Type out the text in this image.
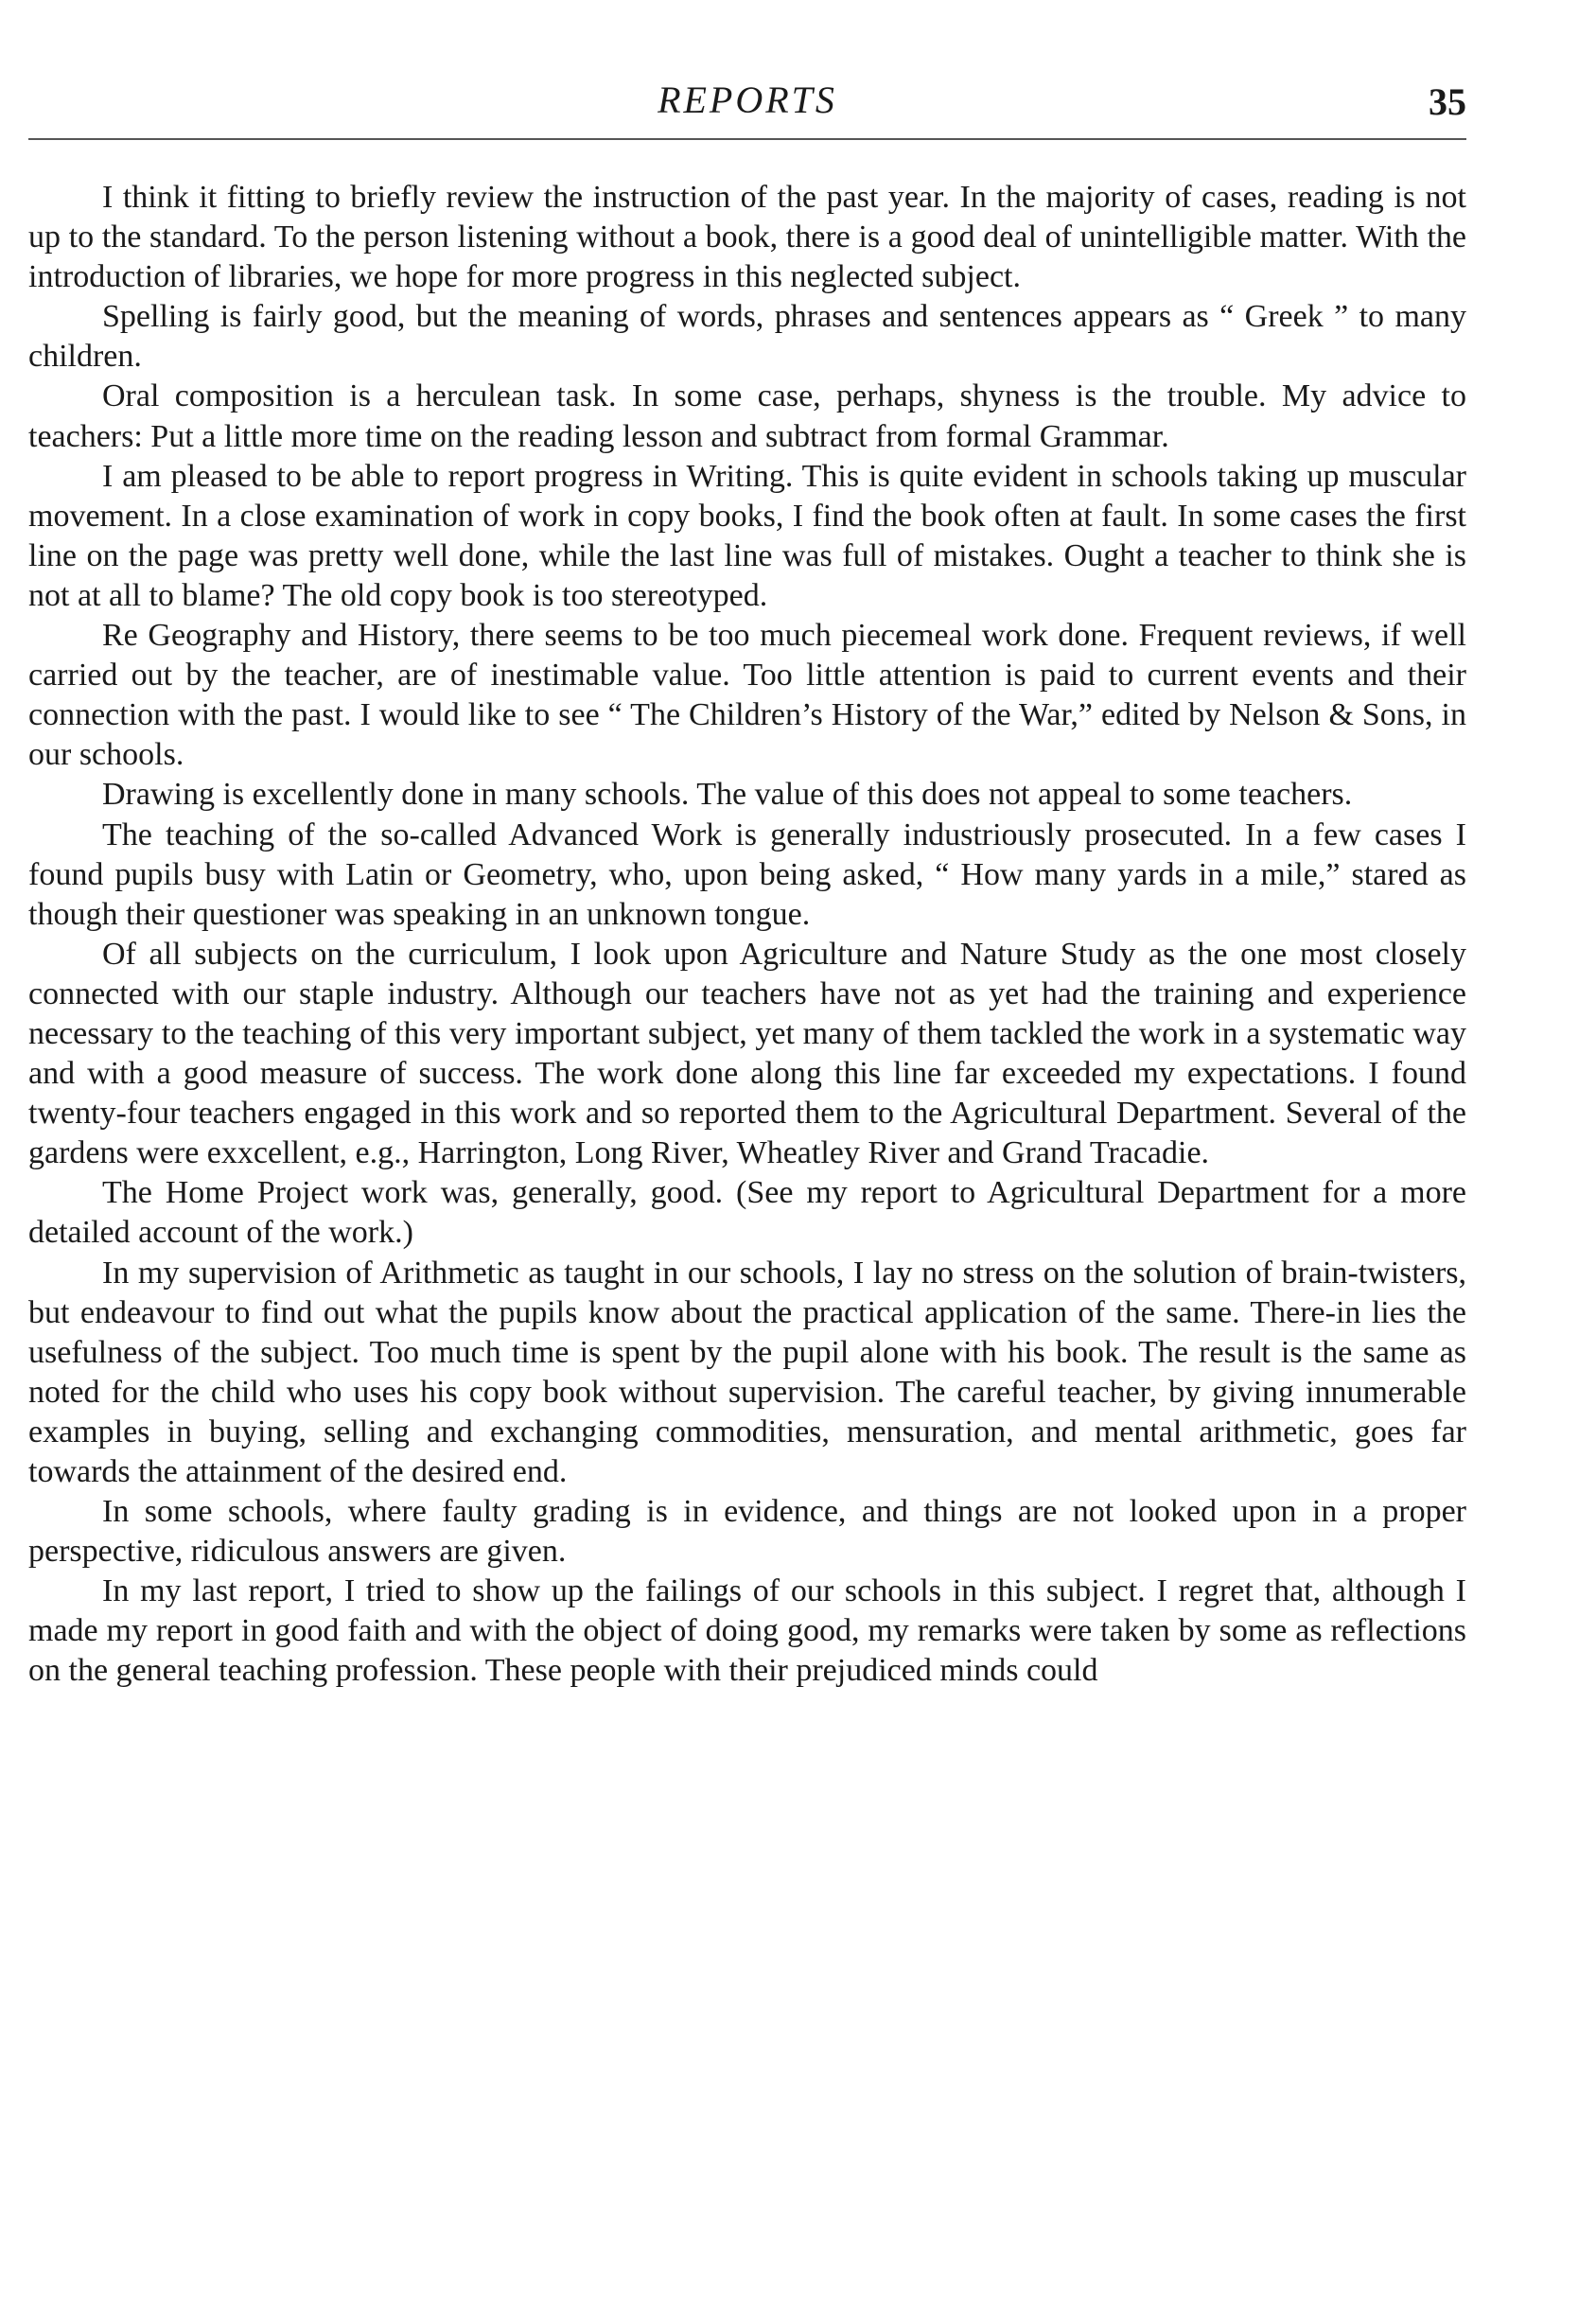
REPORTS	35

I think it fitting to briefly review the instruction of the past year. In the majority of cases, reading is not up to the standard. To the person listening without a book, there is a good deal of unintelligible matter. With the introduction of libraries, we hope for more progress in this neglected subject.

Spelling is fairly good, but the meaning of words, phrases and sentences appears as “ Greek ” to many children.

Oral composition is a herculean task. In some case, perhaps, shyness is the trouble. My advice to teachers: Put a little more time on the reading lesson and subtract from formal Grammar.

I am pleased to be able to report progress in Writing. This is quite evident in schools taking up muscular movement. In a close examination of work in copy books, I find the book often at fault. In some cases the first line on the page was pretty well done, while the last line was full of mistakes. Ought a teacher to think she is not at all to blame? The old copy book is too stereotyped.

Re Geography and History, there seems to be too much piecemeal work done. Frequent reviews, if well carried out by the teacher, are of inestimable value. Too little attention is paid to current events and their connection with the past. I would like to see “ The Children’s History of the War,” edited by Nelson & Sons, in our schools.

Drawing is excellently done in many schools. The value of this does not appeal to some teachers.

The teaching of the so-called Advanced Work is generally industriously prosecuted. In a few cases I found pupils busy with Latin or Geometry, who, upon being asked, “ How many yards in a mile,” stared as though their questioner was speaking in an unknown tongue.

Of all subjects on the curriculum, I look upon Agriculture and Nature Study as the one most closely connected with our staple industry. Although our teachers have not as yet had the training and experience necessary to the teaching of this very important subject, yet many of them tackled the work in a systematic way and with a good measure of success. The work done along this line far exceeded my expectations. I found twenty-four teachers engaged in this work and so reported them to the Agricultural Department. Several of the gardens were exxcellent, e.g., Harrington, Long River, Wheatley River and Grand Tracadie.

The Home Project work was, generally, good. (See my report to Agricultural Department for a more detailed account of the work.)

In my supervision of Arithmetic as taught in our schools, I lay no stress on the solution of brain-twisters, but endeavour to find out what the pupils know about the practical application of the same. There-in lies the usefulness of the subject. Too much time is spent by the pupil alone with his book. The result is the same as noted for the child who uses his copy book without supervision. The careful teacher, by giving innumerable examples in buying, selling and exchanging commodities, mensuration, and mental arithmetic, goes far towards the attainment of the desired end.

In some schools, where faulty grading is in evidence, and things are not looked upon in a proper perspective, ridiculous answers are given.

In my last report, I tried to show up the failings of our schools in this subject. I regret that, although I made my report in good faith and with the object of doing good, my remarks were taken by some as reflections on the general teaching profession. These people with their prejudiced minds could
